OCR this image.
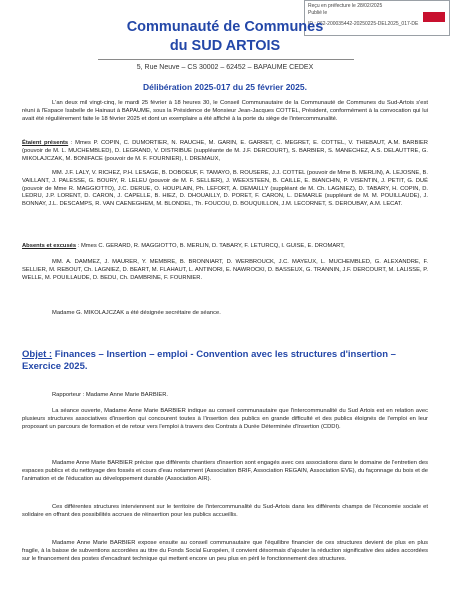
Reçu en préfecture le 28/02/2025
Publié le
ID : 062-200035442-20250225-DEL2025_017-DE
Communauté de Communes
du SUD ARTOIS
5, Rue Neuve – CS 30002 – 62452 – BAPAUME CEDEX
Délibération 2025-017 du 25 février 2025.

L'an deux mil vingt-cinq, le mardi 25 février à 18 heures 30, le Conseil Communautaire de la Communauté de Communes du Sud-Artois s'est réuni à l'Espace Isabelle de Hainaut à BAPAUME, sous la Présidence de Monsieur Jean-Jacques COTTEL, Président, conformément à la convocation qui lui avait été régulièrement faite le 18 février 2025 et dont un exemplaire a été affiché à la porte du siège de l'intercommunalité.

Étaient présents : Mmes P. COPIN, C. DUMORTIER, N. RAUCHE, M. GARIN, E. GARRET, C. MEGRET, E. COTTEL, V. THIEBAUT, A.M. BARBIER (pouvoir de M. L. MUCHEMBLED), D. LEGRAND, V. DISTRIBUE (suppléante de M. J.F. DERCOURT), S. BARBIER, S. MANECHEZ, A.S. DELAUTTRE, G. MIKOLAJCZAK, M. BONIFACE (pouvoir de M. F. FOURNIER), I. DREMAUX,

MM. J.F. LALY, V. RICHEZ, P.H. LESAGE, B. DOBOEUF, F. TAMAYO, B. ROUSERE, J.J. COTTEL (pouvoir de Mme B. MERLIN), A. LEJOSNE, B. VAILLANT, J. PALESSE, G. BOURY, R. LELEU (pouvoir de M. F. SELLIER), J. WEEXSTEEN, B. CAILLE, E. BIANCHIN, P. VISENTIN, J. PETIT, G. DUÉ (pouvoir de Mme R. MAGGIOTTO), J.C. DERUE, O. HOUPLAIN, Ph. LEFORT, A. DEMAILLY (suppléant de M. Ch. LAGNIEZ), D. TABARY, H. COPIN, D. LEDRU, J.P. LORENT, D. CARON, J. CAPELLE, B. HIEZ, D. DHOUAILLY, D. PORET, F. CARON, L. DEMARLE (suppléant de M. M. POUILLAUDE), J. BONNAY, J.L. DESCAMPS, R. VAN CAENEGHEM, M. BLONDEL, Th. FOUCOU, D. BOUQUILLON, J.M. LECORNET, S. DEROUBAY, A.M. LECAT.

Absents et excusés : Mmes C. GERARD, R. MAGGIOTTO, B. MERLIN, D. TABARY, F. LETURCQ, I. GUISE, E. DROMART,

MM. A. DAMMEZ, J. MAURER, Y. MEMBRE, B. BRONNIART, D. WERBROUCK, J.C. MAYEUX, L. MUCHEMBLED, G. ALEXANDRE, F. SELLIER, M. REBOUT, Ch. LAGNIEZ, D. BEART, M. FLAHAUT, L. ANTINORI, E. NAWROCKI, D. BASSEUX, G. TRANNIN, J.F. DERCOURT, M. LALISSE, P. WELLE, M. POUILLAUDE, D. BEDU, Ch. DAMBRINE, F. FOURNIER.

Madame G. MIKOLAJCZAK a été désignée secrétaire de séance.

Objet : Finances – Insertion – emploi - Convention avec les structures d'insertion – Exercice 2025.

Rapporteur : Madame Anne Marie BARBIER.

La séance ouverte, Madame Anne Marie BARBIER indique au conseil communautaire que l'intercommunalité du Sud Artois est en relation avec plusieurs structures associatives d'insertion qui concourent toutes à l'insertion des publics en grande difficulté et des publics éloignés de l'emploi en leur proposant un parcours de formation et de retour vers l'emploi à travers des Contrats à Durée Déterminée d'Insertion (CDDI).

Madame Anne Marie BARBIER précise que différents chantiers d'insertion sont engagés avec ces associations dans le domaine de l'entretien des espaces publics et du nettoyage des fossés et cours d'eau notamment (Association BRIF, Association REGAIN, Association EVE), du façonnage du bois et de l'animation et de l'éducation au développement durable (Association AIR).

Ces différentes structures interviennent sur le territoire de l'intercommunalité du Sud-Artois dans les différents champs de l'économie sociale et solidaire en offrant des possibilités accrues de réinsertion pour les publics accueillis.

Madame Anne Marie BARBIER expose ensuite au conseil communautaire que l'équilibre financier de ces structures devient de plus en plus fragile, à la baisse de subventions accordées au titre du Fonds Social Européen, il convient désormais d'ajouter la réduction significative des aides accordées sur le financement des postes d'encadrant technique qui mettent encore un peu plus en péril le fonctionnement des structures.
